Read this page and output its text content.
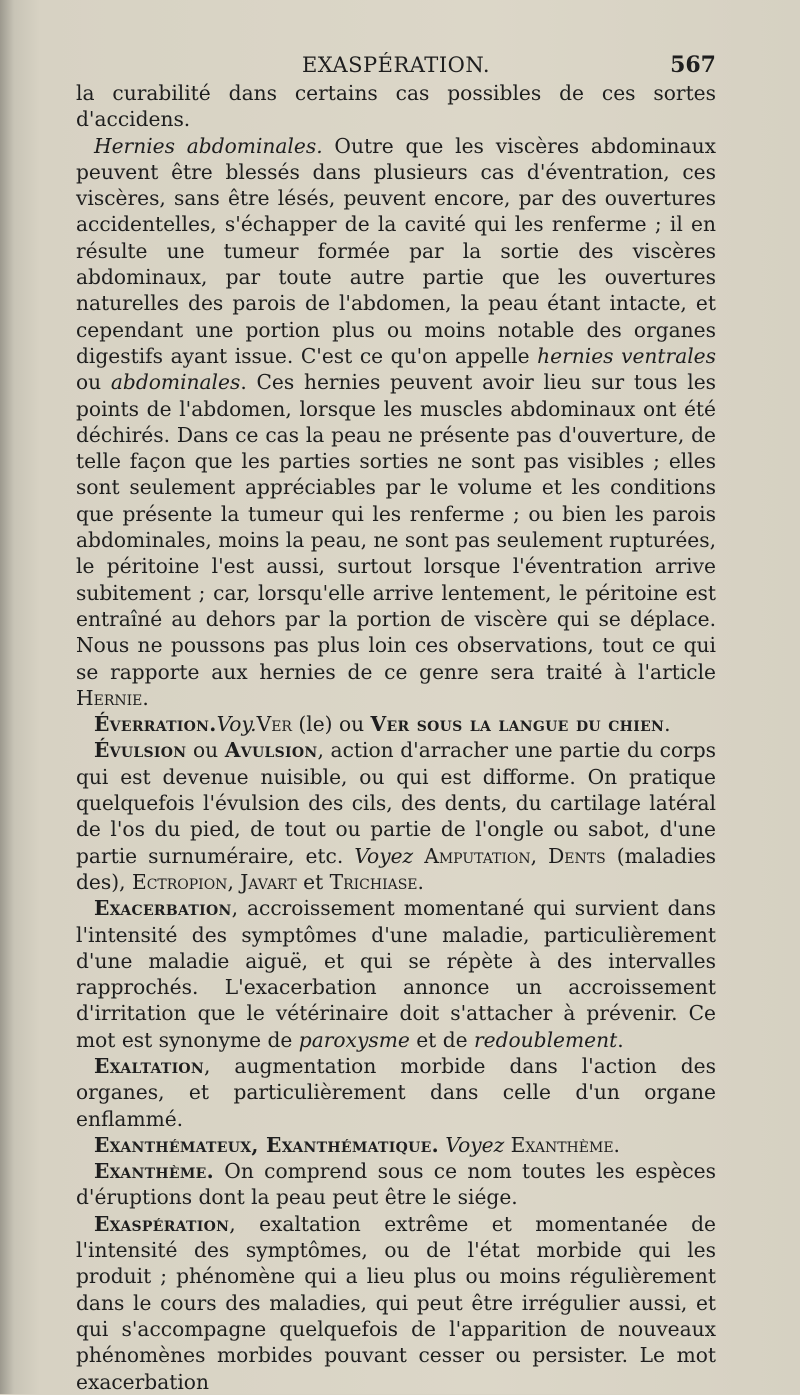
EXASPÉRATION.	567

la curabilité dans certains cas possibles de ces sortes d'accidens.

Hernies abdominales. Outre que les viscères abdominaux peuvent être blessés dans plusieurs cas d'éventration, ces viscères, sans être lésés, peuvent encore, par des ouvertures accidentelles, s'échapper de la cavité qui les renferme ; il en résulte une tumeur formée par la sortie des viscères abdominaux, par toute autre partie que les ouvertures naturelles des parois de l'abdomen, la peau étant intacte, et cependant une portion plus ou moins notable des organes digestifs ayant issue. C'est ce qu'on appelle hernies ventrales ou abdominales. Ces hernies peuvent avoir lieu sur tous les points de l'abdomen, lorsque les muscles abdominaux ont été déchirés. Dans ce cas la peau ne présente pas d'ouverture, de telle façon que les parties sorties ne sont pas visibles ; elles sont seulement appréciables par le volume et les conditions que présente la tumeur qui les renferme ; ou bien les parois abdominales, moins la peau, ne sont pas seulement rupturées, le péritoine l'est aussi, surtout lorsque l'éventration arrive subitement ; car, lorsqu'elle arrive lentement, le péritoine est entraîné au dehors par la portion de viscère qui se déplace. Nous ne poussons pas plus loin ces observations, tout ce qui se rapporte aux hernies de ce genre sera traité à l'article Hernie.

Éverration.Voy.Ver (le) ou Ver sous la langue du chien.

Évulsion ou Avulsion, action d'arracher une partie du corps qui est devenue nuisible, ou qui est difforme. On pratique quelquefois l'évulsion des cils, des dents, du cartilage latéral de l'os du pied, de tout ou partie de l'ongle ou sabot, d'une partie surnuméraire, etc. Voyez Amputation, Dents (maladies des), Ectropion, Javart et Trichiase.

Exacerbation, accroissement momentané qui survient dans l'intensité des symptômes d'une maladie, particulièrement d'une maladie aiguë, et qui se répète à des intervalles rapprochés. L'exacerbation annonce un accroissement d'irritation que le vétérinaire doit s'attacher à prévenir. Ce mot est synonyme de paroxysme et de redoublement.

Exaltation, augmentation morbide dans l'action des organes, et particulièrement dans celle d'un organe enflammé.

Exanthémateux, Exanthématique. Voyez Exanthème.

Exanthème. On comprend sous ce nom toutes les espèces d'éruptions dont la peau peut être le siége.

Exaspération, exaltation extrême et momentanée de l'intensité des symptômes, ou de l'état morbide qui les produit ; phénomène qui a lieu plus ou moins régulièrement dans le cours des maladies, qui peut être irrégulier aussi, et qui s'accompagne quelquefois de l'apparition de nouveaux phénomènes morbides pouvant cesser ou persister. Le mot exacerbation
